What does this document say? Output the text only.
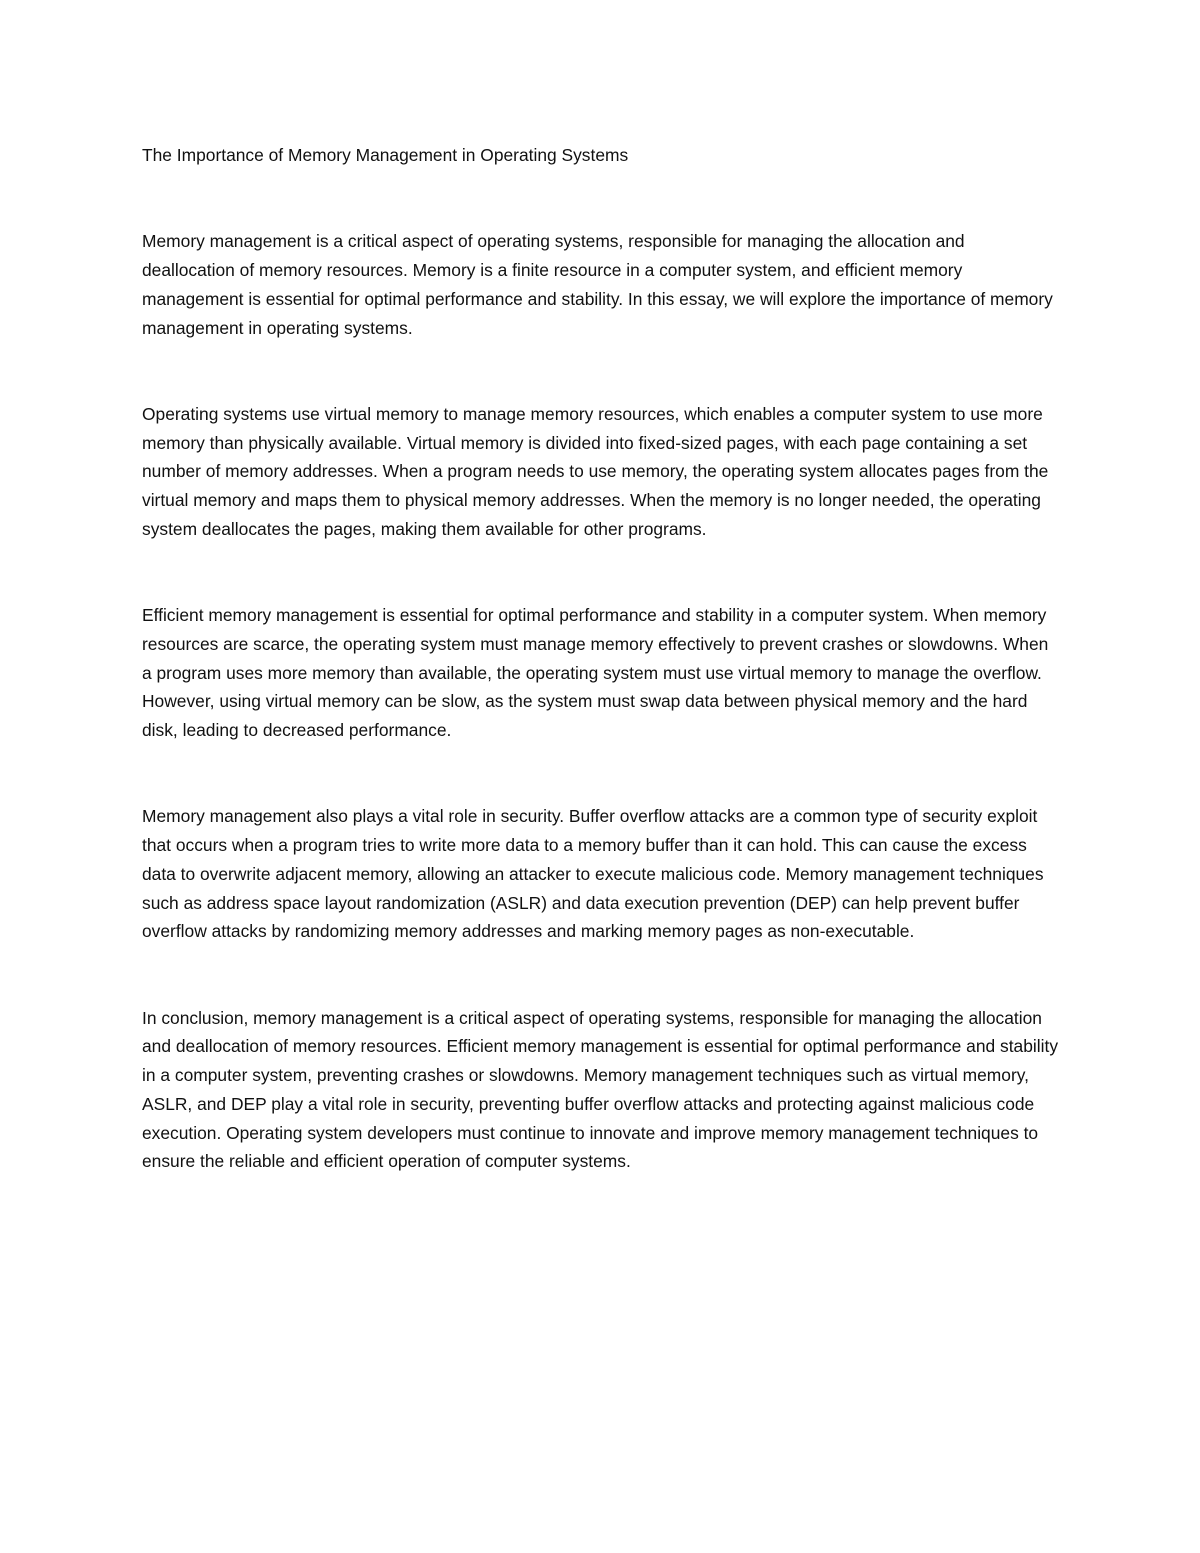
The Importance of Memory Management in Operating Systems

Memory management is a critical aspect of operating systems, responsible for managing the allocation and deallocation of memory resources. Memory is a finite resource in a computer system, and efficient memory management is essential for optimal performance and stability. In this essay, we will explore the importance of memory management in operating systems.

Operating systems use virtual memory to manage memory resources, which enables a computer system to use more memory than physically available. Virtual memory is divided into fixed-sized pages, with each page containing a set number of memory addresses. When a program needs to use memory, the operating system allocates pages from the virtual memory and maps them to physical memory addresses. When the memory is no longer needed, the operating system deallocates the pages, making them available for other programs.

Efficient memory management is essential for optimal performance and stability in a computer system. When memory resources are scarce, the operating system must manage memory effectively to prevent crashes or slowdowns. When a program uses more memory than available, the operating system must use virtual memory to manage the overflow. However, using virtual memory can be slow, as the system must swap data between physical memory and the hard disk, leading to decreased performance.

Memory management also plays a vital role in security. Buffer overflow attacks are a common type of security exploit that occurs when a program tries to write more data to a memory buffer than it can hold. This can cause the excess data to overwrite adjacent memory, allowing an attacker to execute malicious code. Memory management techniques such as address space layout randomization (ASLR) and data execution prevention (DEP) can help prevent buffer overflow attacks by randomizing memory addresses and marking memory pages as non-executable.

In conclusion, memory management is a critical aspect of operating systems, responsible for managing the allocation and deallocation of memory resources. Efficient memory management is essential for optimal performance and stability in a computer system, preventing crashes or slowdowns. Memory management techniques such as virtual memory, ASLR, and DEP play a vital role in security, preventing buffer overflow attacks and protecting against malicious code execution. Operating system developers must continue to innovate and improve memory management techniques to ensure the reliable and efficient operation of computer systems.
